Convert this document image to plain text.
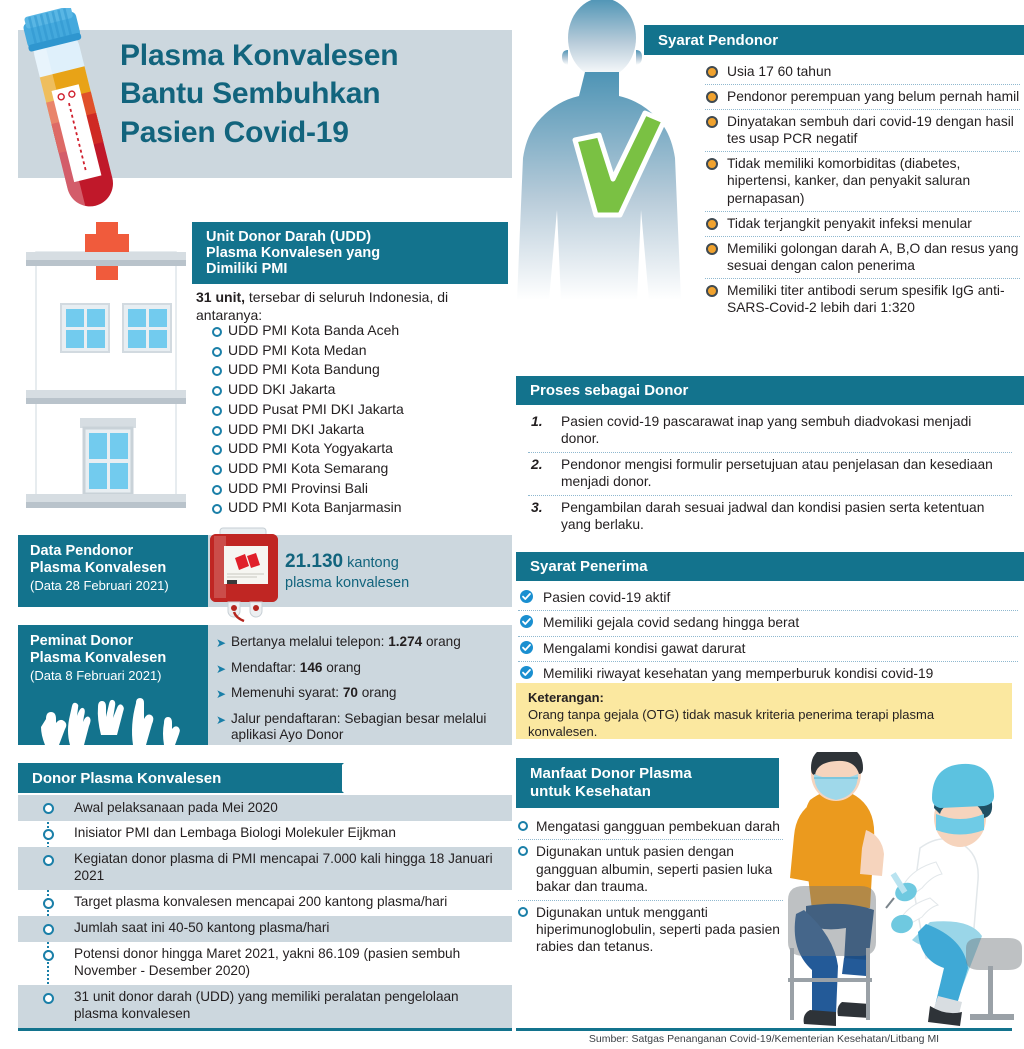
Plasma Konvalesen
Bantu Sembuhkan
Pasien Covid-19
Unit Donor Darah (UDD)
Plasma Konvalesen yang
Dimiliki PMI
31 unit, tersebar di seluruh Indonesia, di antaranya:
UDD PMI Kota Banda Aceh
UDD PMI Kota Medan
UDD PMI Kota Bandung
UDD DKI Jakarta
UDD Pusat PMI DKI Jakarta
UDD PMI DKI Jakarta
UDD PMI Kota Yogyakarta
UDD PMI Kota Semarang
UDD PMI Provinsi Bali
UDD PMI Kota Banjarmasin
Data Pendonor
Plasma Konvalesen
(Data 28 Februari 2021)
21.130 kantong
plasma konvalesen
Peminat Donor
Plasma Konvalesen
(Data 8 Februari 2021)
➤ Bertanya melalui telepon: 1.274 orang
➤ Mendaftar: 146 orang
➤ Memenuhi syarat: 70 orang
➤ Jalur pendaftaran: Sebagian besar melalui aplikasi Ayo Donor
Donor Plasma Konvalesen
Awal pelaksanaan pada Mei 2020
Inisiator PMI dan Lembaga Biologi Molekuler Eijkman
Kegiatan donor plasma di PMI mencapai 7.000 kali hingga 18 Januari 2021
Target plasma konvalesen mencapai 200 kantong plasma/hari
Jumlah saat ini 40-50 kantong plasma/hari
Potensi donor hingga Maret 2021, yakni 86.109 (pasien sembuh November - Desember 2020)
31 unit donor darah (UDD) yang memiliki peralatan pengelolaan plasma konvalesen
Syarat Pendonor
Usia 17 60 tahun
Pendonor perempuan yang belum pernah hamil
Dinyatakan sembuh dari covid-19 dengan hasil tes usap PCR negatif
Tidak memiliki komorbiditas (diabetes, hipertensi, kanker, dan penyakit saluran pernapasan)
Tidak terjangkit penyakit infeksi menular
Memiliki golongan darah A, B,O dan resus yang sesuai dengan calon penerima
Memiliki titer antibodi serum spesifik IgG anti-SARS-Covid-2 lebih dari 1:320
Proses sebagai Donor
1. Pasien covid-19 pascarawat inap yang sembuh diadvokasi menjadi donor.
2. Pendonor mengisi formulir persetujuan atau penjelasan dan kesediaan menjadi donor.
3. Pengambilan darah sesuai jadwal dan kondisi pasien serta ketentuan yang berlaku.
Syarat Penerima
Pasien covid-19 aktif
Memiliki gejala covid sedang hingga berat
Mengalami kondisi gawat darurat
Memiliki riwayat kesehatan yang memperburuk kondisi covid-19
Keterangan:
Orang tanpa gejala (OTG) tidak masuk kriteria penerima terapi plasma konvalesen.
Manfaat Donor Plasma
untuk Kesehatan
Mengatasi gangguan pembekuan darah
Digunakan untuk pasien dengan gangguan albumin, seperti pasien luka bakar dan trauma.
Digunakan untuk mengganti hiperimunoglobulin, seperti pada pasien rabies dan tetanus.
Sumber: Satgas Penanganan Covid-19/Kementerian Kesehatan/Litbang MI
